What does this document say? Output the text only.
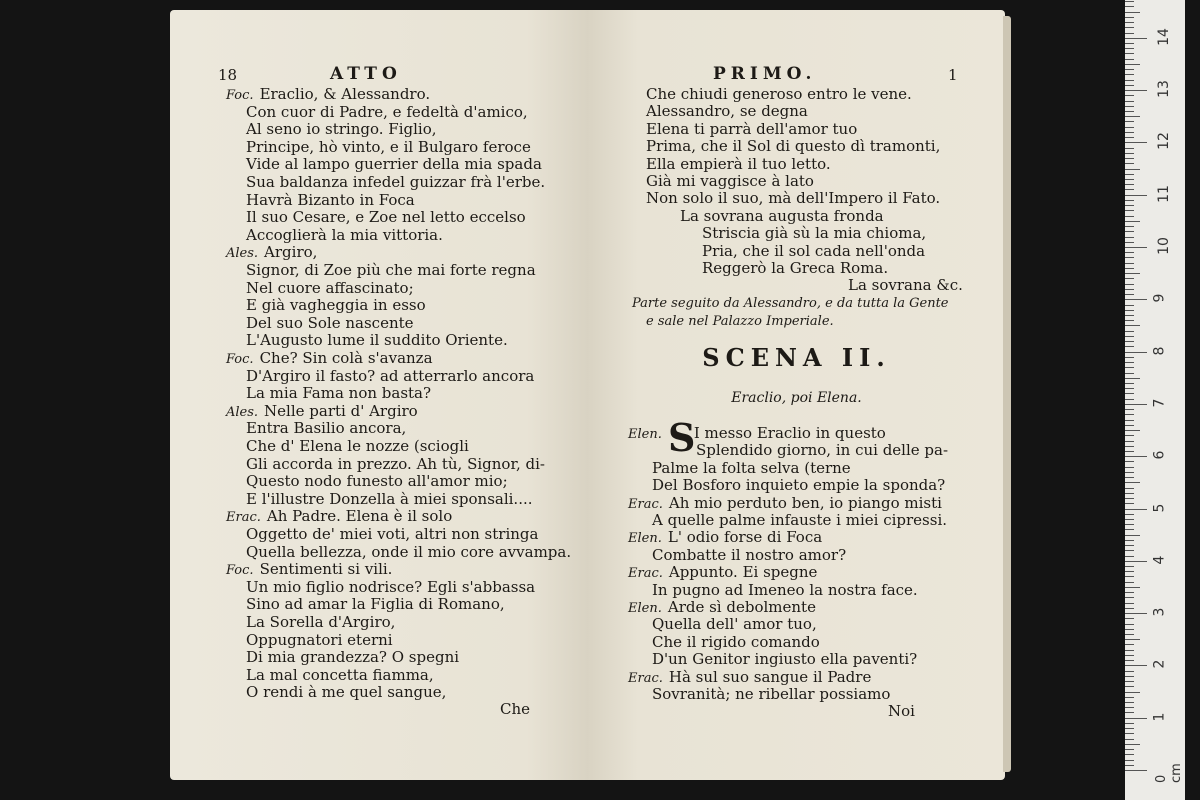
18	ATTO
Foc. Eraclio, & Alessandro.
Con cuor di Padre, e fedeltà d'amico,
Al seno io stringo. Figlio,
Principe, hò vinto, e il Bulgaro feroce
Vide al lampo guerrier della mia spada
Sua baldanza infedel guizzar frà l'erbe.
Havrà Bizanto in Foca
Il suo Cesare, e Zoe nel letto eccelso
Accoglierà la mia vittoria.
Ales. Argiro,
Signor, di Zoe più che mai forte regna
Nel cuore affascinato;
E già vagheggia in esso
Del suo Sole nascente
L'Augusto lume il suddito Oriente.
Foc. Che? Sin colà s'avanza
D'Argiro il fasto? ad atterrarlo ancora
La mia Fama non basta?
Ales. Nelle parti d' Argiro
Entra Basilio ancora,
Che d' Elena le nozze (sciogli
Gli accorda in prezzo. Ah tù, Signor, di-
Questo nodo funesto all'amor mio;
E l'illustre Donzella à miei sponsali....
Erac. Ah Padre. Elena è il solo
Oggetto de' miei voti, altri non stringa
Quella bellezza, onde il mio core avvampa.
Foc. Sentimenti si vili.
Un mio figlio nodrisce? Egli s'abbassa
Sino ad amar la Figlia di Romano,
La Sorella d'Argiro,
Oppugnatori eterni
Di mia grandezza? O spegni
La mal concetta fiamma,
O rendi à me quel sangue,
Che
PRIMO.	1
Che chiudi generoso entro le vene.
Alessandro, se degna
Elena ti parrà dell'amor tuo
Prima, che il Sol di questo dì tramonti,
Ella empierà il tuo letto.
Già mi vaggisce à lato
Non solo il suo, mà dell'Impero il Fato.
La sovrana augusta fronda
Striscia già sù la mia chioma,
Pria, che il sol cada nell'onda
Reggerò la Greca Roma.
La sovrana &c.
Parte seguito da Alessandro, e da tutta la Gente
e sale nel Palazzo Imperiale.
SCENA II.
Eraclio, poi Elena.
S
Elen. I messo Eraclio in questo
Splendido giorno, in cui delle pa-
Palme la folta selva (terne
Del Bosforo inquieto empie la sponda?
Erac. Ah mio perduto ben, io piango misti
A quelle palme infauste i miei cipressi.
Elen. L' odio forse di Foca
Combatte il nostro amor?
Erac. Appunto. Ei spegne
In pugno ad Imeneo la nostra face.
Elen. Arde sì debolmente
Quella dell' amor tuo,
Che il rigido comando
D'un Genitor ingiusto ella paventi?
Erac. Hà sul suo sangue il Padre
Sovranità; ne ribellar possiamo
Noi
0 cm
1
2
3
4
5
6
7
8
9
10
11
12
13
14
